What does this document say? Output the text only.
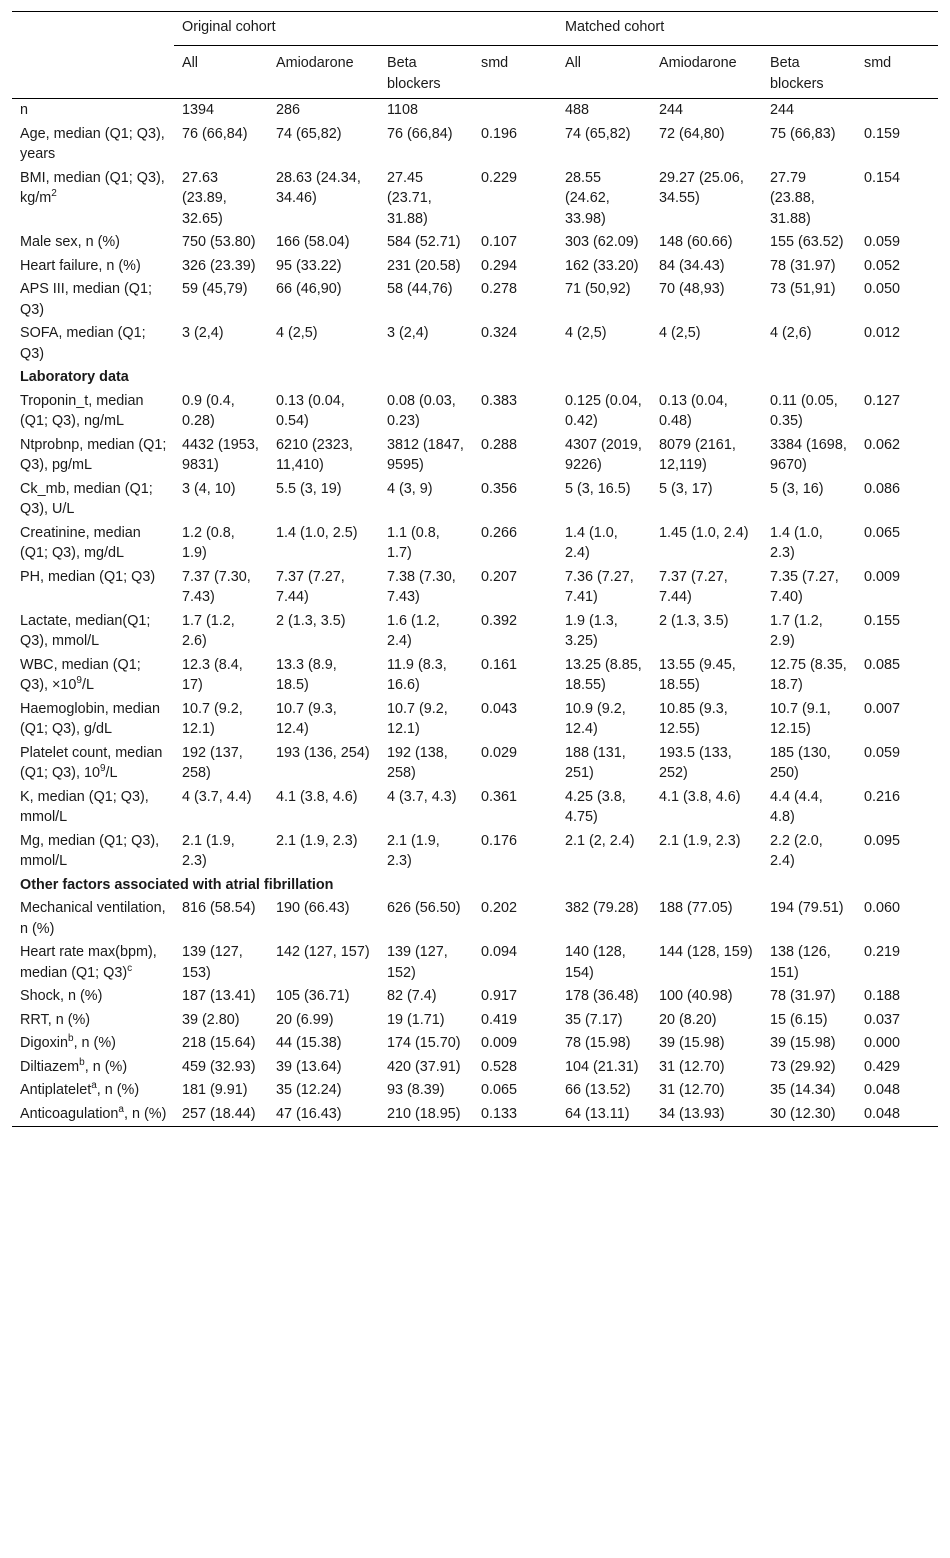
	Original cohort				Matched cohort			
	All	Amiodarone	Beta blockers	smd	All	Amiodarone	Beta blockers	smd
n	1394	286	1108		488	244	244	
Age, median (Q1; Q3), years	76 (66,84)	74 (65,82)	76 (66,84)	0.196	74 (65,82)	72 (64,80)	75 (66,83)	0.159
BMI, median (Q1; Q3), $kg/m^2$	27.63 (23.89, 32.65)	28.63 (24.34, 34.46)	27.45 (23.71, 31.88)	0.229	28.55 (24.62, 33.98)	29.27 (25.06, 34.55)	27.79 (23.88, 31.88)	0.154
Male sex, n (%)	750 (53.80)	166 (58.04)	584 (52.71)	0.107	303 (62.09)	148 (60.66)	155 (63.52)	0.059
Heart failure, n (%)	326 (23.39)	95 (33.22)	231 (20.58)	0.294	162 (33.20)	84 (34.43)	78 (31.97)	0.052
APS III, median (Q1; Q3)	59 (45,79)	66 (46,90)	58 (44,76)	0.278	71 (50,92)	70 (48,93)	73 (51,91)	0.050
SOFA, median (Q1; Q3)	3 (2,4)	4 (2,5)	3 (2,4)	0.324	4 (2,5)	4 (2,5)	4 (2,6)	0.012
Laboratory data								
Troponin_t, median (Q1; Q3), ng/mL	0.9 (0.4, 0.28)	0.13 (0.04, 0.54)	0.08 (0.03, 0.23)	0.383	0.125 (0.04, 0.42)	0.13 (0.04, 0.48)	0.11 (0.05, 0.35)	0.127
Ntprobnp, median (Q1; Q3), pg/mL	4432 (1953, 9831)	6210 (2323, 11,410)	3812 (1847, 9595)	0.288	4307 (2019, 9226)	8079 (2161, 12,119)	3384 (1698, 9670)	0.062
Ck_mb, median (Q1; Q3), U/L	3 (4, 10)	5.5 (3, 19)	4 (3, 9)	0.356	5 (3, 16.5)	5 (3, 17)	5 (3, 16)	0.086
Creatinine, median (Q1; Q3), mg/dL	1.2 (0.8, 1.9)	1.4 (1.0, 2.5)	1.1 (0.8, 1.7)	0.266	1.4 (1.0, 2.4)	1.45 (1.0, 2.4)	1.4 (1.0, 2.3)	0.065
PH, median (Q1; Q3)	7.37 (7.30, 7.43)	7.37 (7.27, 7.44)	7.38 (7.30, 7.43)	0.207	7.36 (7.27, 7.41)	7.37 (7.27, 7.44)	7.35 (7.27, 7.40)	0.009
Lactate, median(Q1; Q3), mmol/L	1.7 (1.2, 2.6)	2 (1.3, 3.5)	1.6 (1.2, 2.4)	0.392	1.9 (1.3, 3.25)	2 (1.3, 3.5)	1.7 (1.2, 2.9)	0.155
WBC, median (Q1; Q3), $\times 10^9/L$	12.3 (8.4, 17)	13.3 (8.9, 18.5)	11.9 (8.3, 16.6)	0.161	13.25 (8.85, 18.55)	13.55 (9.45, 18.55)	12.75 (8.35, 18.7)	0.085
Haemoglobin, median (Q1; Q3), g/dL	10.7 (9.2, 12.1)	10.7 (9.3, 12.4)	10.7 (9.2, 12.1)	0.043	10.9 (9.2, 12.4)	10.85 (9.3, 12.55)	10.7 (9.1, 12.15)	0.007
Platelet count, median (Q1; Q3), $10^9/L$	192 (137, 258)	193 (136, 254)	192 (138, 258)	0.029	188 (131, 251)	193.5 (133, 252)	185 (130, 250)	0.059
K, median (Q1; Q3), mmol/L	4 (3.7, 4.4)	4.1 (3.8, 4.6)	4 (3.7, 4.3)	0.361	4.25 (3.8, 4.75)	4.1 (3.8, 4.6)	4.4 (4.4, 4.8)	0.216
Mg, median (Q1; Q3), mmol/L	2.1 (1.9, 2.3)	2.1 (1.9, 2.3)	2.1 (1.9, 2.3)	0.176	2.1 (2, 2.4)	2.1 (1.9, 2.3)	2.2 (2.0, 2.4)	0.095
Other factors associated with atrial fibrillation								
Mechanical ventilation, n (%)	816 (58.54)	190 (66.43)	626 (56.50)	0.202	382 (79.28)	188 (77.05)	194 (79.51)	0.060
Heart rate max(bpm), median (Q1; Q3)$^c$	139 (127, 153)	142 (127, 157)	139 (127, 152)	0.094	140 (128, 154)	144 (128, 159)	138 (126, 151)	0.219
Shock, n (%)	187 (13.41)	105 (36.71)	82 (7.4)	0.917	178 (36.48)	100 (40.98)	78 (31.97)	0.188
RRT, n (%)	39 (2.80)	20 (6.99)	19 (1.71)	0.419	35 (7.17)	20 (8.20)	15 (6.15)	0.037
Digoxin$^b$, n (%)	218 (15.64)	44 (15.38)	174 (15.70)	0.009	78 (15.98)	39 (15.98)	39 (15.98)	0.000
Diltiazem$^b$, n (%)	459 (32.93)	39 (13.64)	420 (37.91)	0.528	104 (21.31)	31 (12.70)	73 (29.92)	0.429
Antiplatelet$^a$, n (%)	181 (9.91)	35 (12.24)	93 (8.39)	0.065	66 (13.52)	31 (12.70)	35 (14.34)	0.048
Anticoagulation$^a$, n (%)	257 (18.44)	47 (16.43)	210 (18.95)	0.133	64 (13.11)	34 (13.93)	30 (12.30)	0.048
